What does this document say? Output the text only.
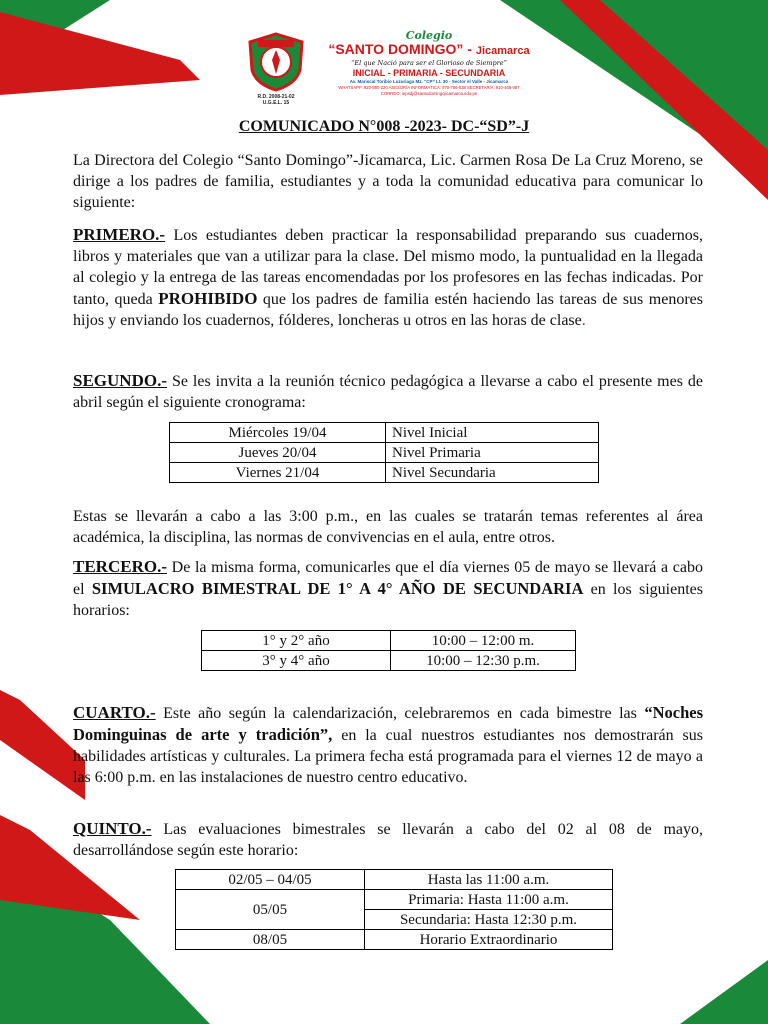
R.D. 2008-21-02
U.G.E.L. 15
Colegio
“SANTO DOMINGO” - Jicamarca
“El que Nació para ser el Glorioso de Siempre”
INICIAL - PRIMARIA - SECUNDARIA
Av. Mariscal Toribio Luzuriaga Mz. “CP” Lt. 30 - Sector el Valle - Jicamarca
WHATSAPP: 920-890-220 ASESORÍA INFORMÁTICA: 970-786-038 SECRETARÍA: 910-468-087
CORREO: iepsdj@santodomingojicamarca.edu.pe
COMUNICADO N°008 -2023- DC-“SD”-J
La Directora del Colegio “Santo Domingo”-Jicamarca, Lic. Carmen Rosa De La Cruz Moreno, se dirige a los padres de familia, estudiantes y a toda la comunidad educativa para comunicar lo siguiente:
PRIMERO.- Los estudiantes deben practicar la responsabilidad preparando sus cuadernos, libros y materiales que van a utilizar para la clase. Del mismo modo, la puntualidad en la llegada al colegio y la entrega de las tareas encomendadas por los profesores en las fechas indicadas. Por tanto, queda PROHIBIDO que los padres de familia estén haciendo las tareas de sus menores hijos y enviando los cuadernos, fólderes, loncheras u otros en las horas de clase.
SEGUNDO.- Se les invita a la reunión técnico pedagógica a llevarse a cabo el presente mes de abril según el siguiente cronograma:
Miércoles 19/04	Nivel Inicial
Jueves 20/04	Nivel Primaria
Viernes 21/04	Nivel Secundaria
Estas se llevarán a cabo a las 3:00 p.m., en las cuales se tratarán temas referentes al área académica, la disciplina, las normas de convivencias en el aula, entre otros.
TERCERO.- De la misma forma, comunicarles que el día viernes 05 de mayo se llevará a cabo el SIMULACRO BIMESTRAL DE 1° A 4° AÑO DE SECUNDARIA en los siguientes horarios:
1° y 2° año	10:00 – 12:00 m.
3° y 4° año	10:00 – 12:30 p.m.
CUARTO.- Este año según la calendarización, celebraremos en cada bimestre las “Noches Dominguinas de arte y tradición”, en la cual nuestros estudiantes nos demostrarán sus habilidades artísticas y culturales. La primera fecha está programada para el viernes 12 de mayo a las 6:00 p.m. en las instalaciones de nuestro centro educativo.
QUINTO.- Las evaluaciones bimestrales se llevarán a cabo del 02 al 08 de mayo, desarrollándose según este horario:
02/05 – 04/05	Hasta las 11:00 a.m.
05/05	Primaria: Hasta 11:00 a.m.
	Secundaria: Hasta 12:30 p.m.
08/05	Horario Extraordinario
